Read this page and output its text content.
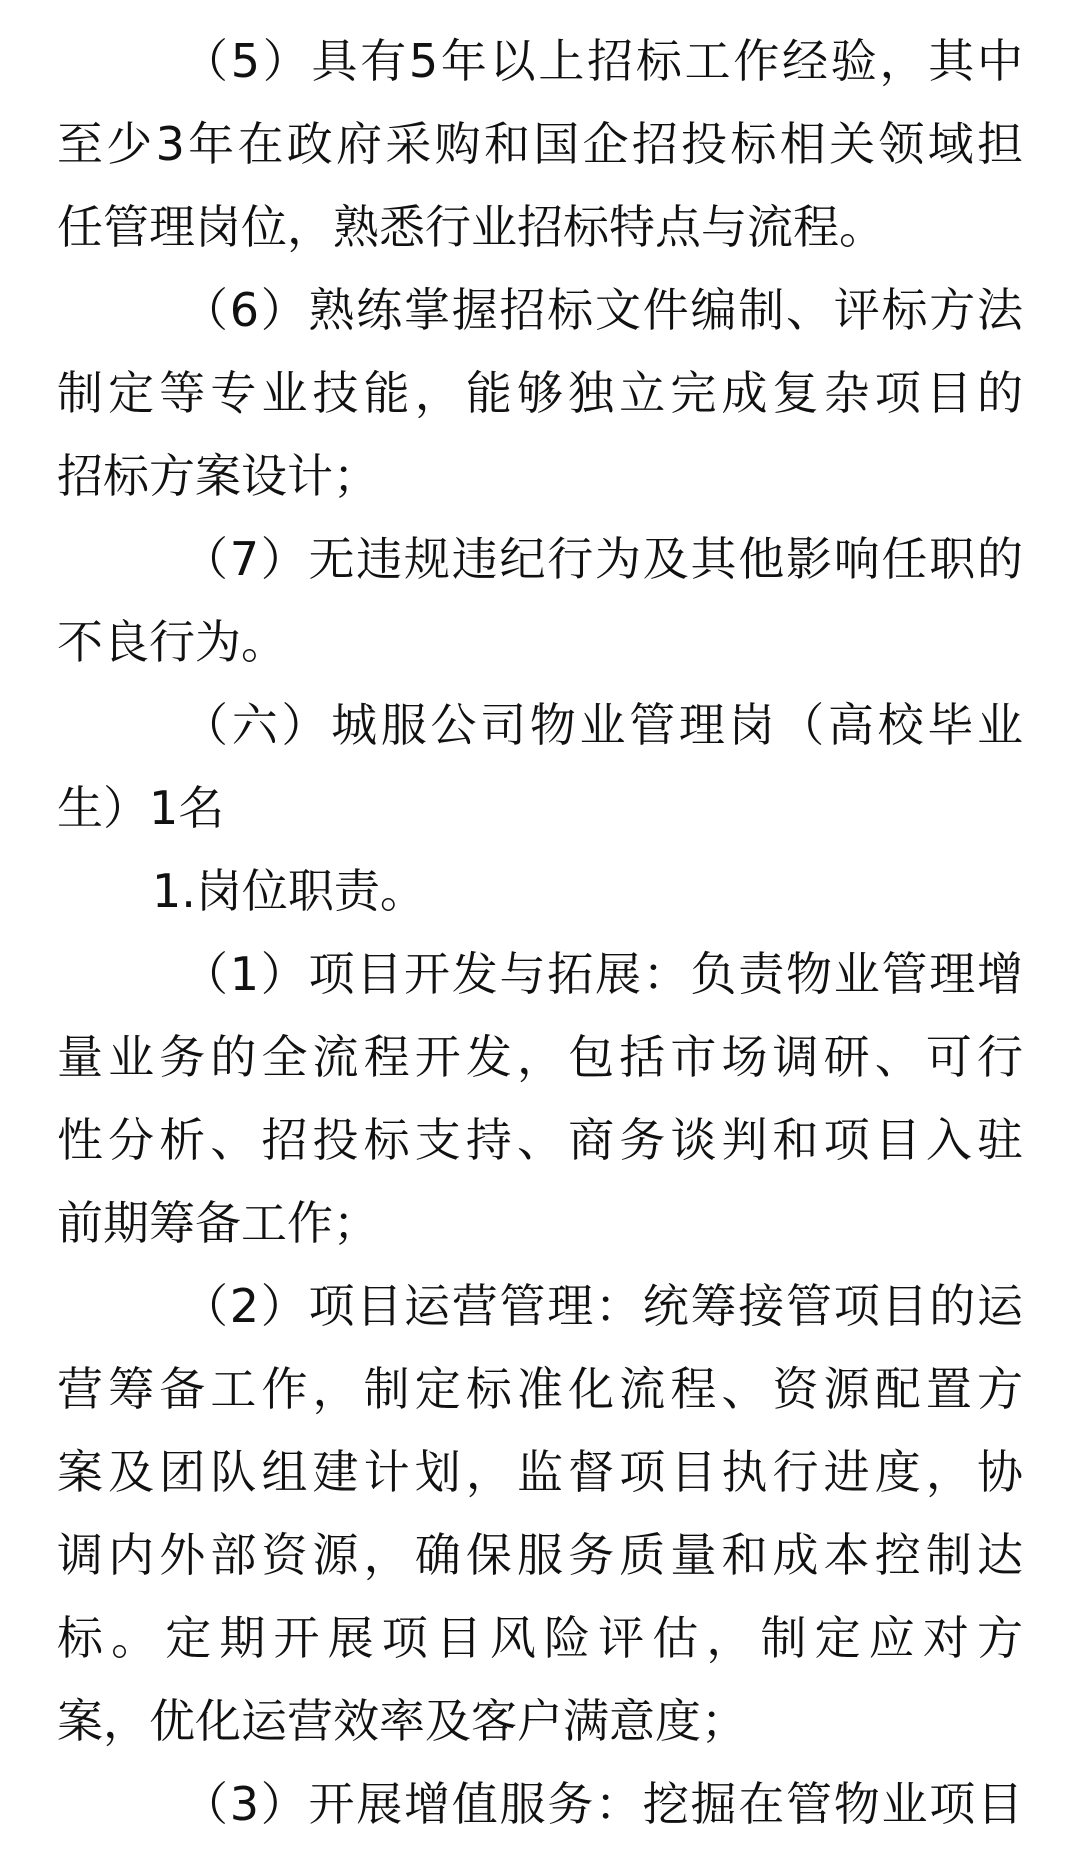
（5）具有5年以上招标工作经验，其中
至少3年在政府采购和国企招投标相关领域担
任管理岗位，熟悉行业招标特点与流程。
（6）熟练掌握招标文件编制、评标方法
制定等专业技能，能够独立完成复杂项目的
招标方案设计；
（7）无违规违纪行为及其他影响任职的
不良行为。
（六）城服公司物业管理岗（高校毕业
生）1名
1.岗位职责。
（1）项目开发与拓展：负责物业管理增
量业务的全流程开发，包括市场调研、可行
性分析、招投标支持、商务谈判和项目入驻
前期筹备工作；
（2）项目运营管理：统筹接管项目的运
营筹备工作，制定标准化流程、资源配置方
案及团队组建计划，监督项目执行进度，协
调内外部资源，确保服务质量和成本控制达
标。定期开展项目风险评估，制定应对方
案，优化运营效率及客户满意度；
（3）开展增值服务：挖掘在管物业项目
